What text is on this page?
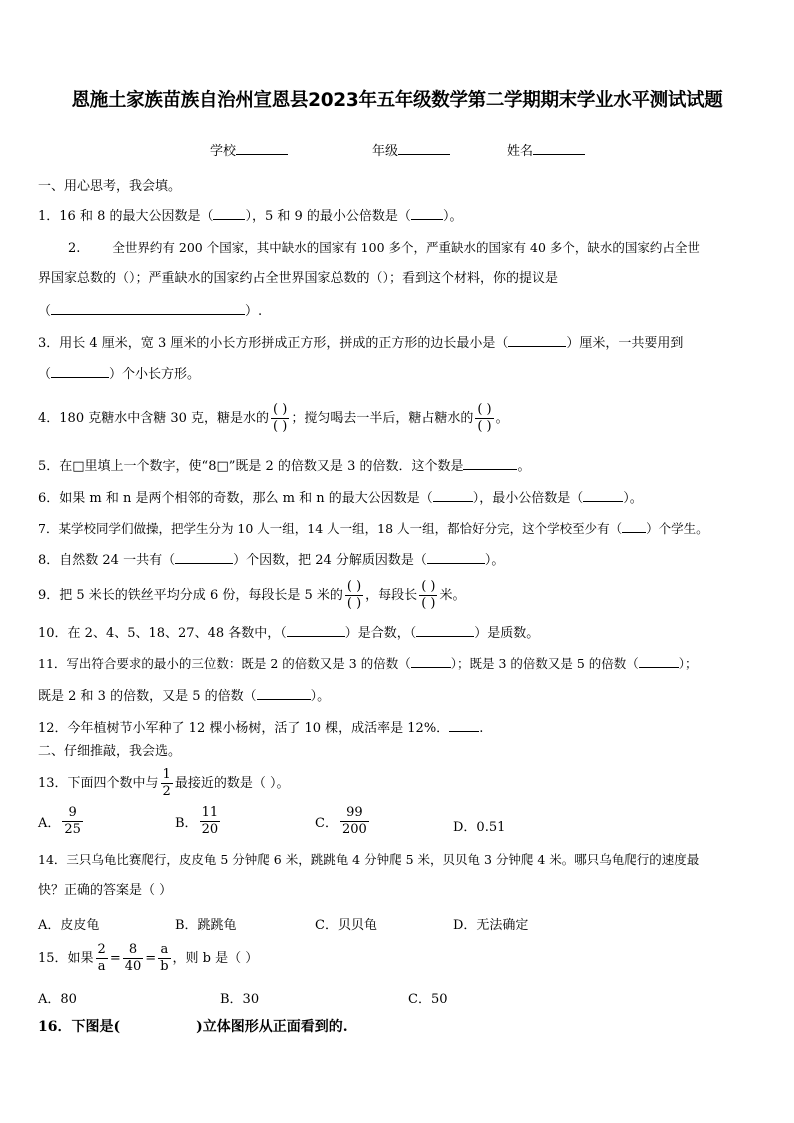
恩施土家族苗族自治州宣恩县2023年五年级数学第二学期期末学业水平测试试题
学校	年级	姓名
一、用心思考，我会填。
1．16 和 8 的最大公因数是（ ），5 和 9 的最小公倍数是（ ）。
2.	全世界约有 200 个国家，其中缺水的国家有 100 多个，严重缺水的国家有 40 多个，缺水的国家约占全世
界国家总数的（）；严重缺水的国家约占全世界国家总数的（）；看到这个材料，你的提议是
（	）.
3．用长 4 厘米，宽 3 厘米的小长方形拼成正方形，拼成的正方形的边长最小是（	）厘米，一共要用到
（	）个小长方形。
4．180 克糖水中含糖 30 克，糖是水的 $\frac{( )}{( )}$ ；搅匀喝去一半后，糖占糖水的 $\frac{( )}{( )}$ 。
5．在□里填上一个数字，使“8□”既是 2 的倍数又是 3 的倍数．这个数是	。
6．如果 m 和 n 是两个相邻的奇数，那么 m 和 n 的最大公因数是（	），最小公倍数是（	）。
7．某学校同学们做操，把学生分为 10 人一组，14 人一组，18 人一组，都恰好分完，这个学校至少有（ ）个学生。
8．自然数 24 一共有（	）个因数，把 24 分解质因数是（	）。
9．把 5 米长的铁丝平均分成 6 份，每段长是 5 米的 $\frac{( )}{( )}$ ，每段长 $\frac{( )}{( )}$ 米。
10．在 2、4、5、18、27、48 各数中，（	）是合数，（	）是质数。
11．写出符合要求的最小的三位数：既是 2 的倍数又是 3 的倍数（	）；既是 3 的倍数又是 5 的倍数（	）；
既是 2 和 3 的倍数，又是 5 的倍数（	）。
12．今年植树节小军种了 12 棵小杨树，活了 10 棵，成活率是 12%． .
二、仔细推敲，我会选。
13．下面四个数中与 $\frac{1}{2}$ 最接近的数是（ ）。
A． $\frac{9}{25}$	B． $\frac{11}{20}$	C． $\frac{99}{200}$	D．0.51
14．三只乌龟比赛爬行，皮皮龟 5 分钟爬 6 米，跳跳龟 4 分钟爬 5 米，贝贝龟 3 分钟爬 4 米。哪只乌龟爬行的速度最
快？正确的答案是（ ）
A．皮皮龟	B．跳跳龟	C．贝贝龟	D．无法确定
15．如果 $\frac{2}{a} = \frac{8}{40} = \frac{a}{b}$ ，则 b 是（ ）
A．80	B．30	C．50
16．下图是(	)立体图形从正面看到的.
